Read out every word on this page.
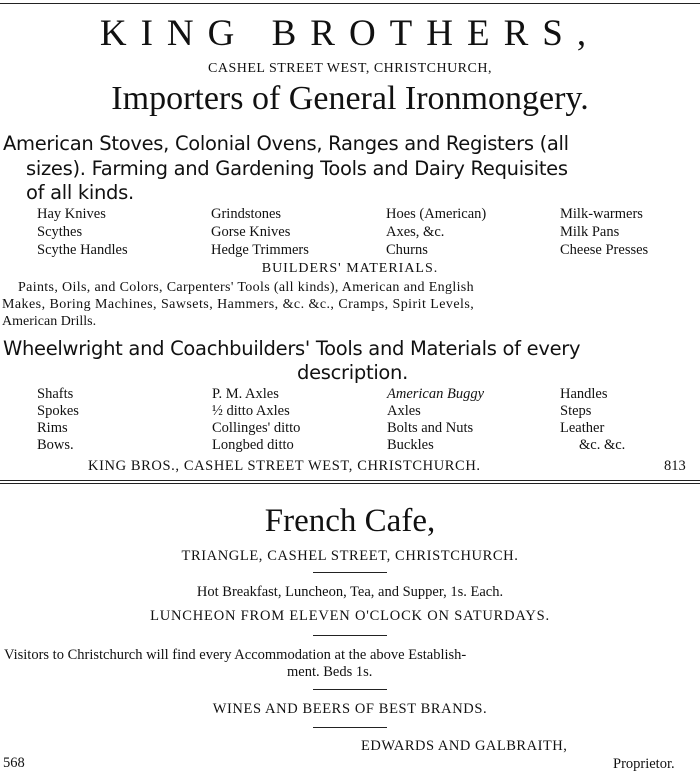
KING BROTHERS,
CASHEL STREET WEST, CHRISTCHURCH,
Importers of General Ironmongery.
American Stoves, Colonial Ovens, Ranges and Registers (all
sizes). Farming and Gardening Tools and Dairy Requisites
of all kinds.
Hay Knives	Grindstones	Hoes (American)	Milk-warmers
Scythes	Gorse Knives	Axes, &c.	Milk Pans
Scythe Handles	Hedge Trimmers	Churns	Cheese Presses
BUILDERS' MATERIALS.
Paints, Oils, and Colors, Carpenters' Tools (all kinds), American and English
Makes, Boring Machines, Sawsets, Hammers, &c. &c., Cramps, Spirit Levels,
American Drills.
Wheelwright and Coachbuilders' Tools and Materials of every
description.
Shafts	P. M. Axles	American Buggy	Handles
Spokes	½ ditto Axles	Axles	Steps
Rims	Collinges' ditto	Bolts and Nuts	Leather
Bows.	Longbed ditto	Buckles	&c. &c.
KING BROS., CASHEL STREET WEST, CHRISTCHURCH.	813
French Cafe,
TRIANGLE, CASHEL STREET, CHRISTCHURCH.
Hot Breakfast, Luncheon, Tea, and Supper, 1s. Each.
LUNCHEON FROM ELEVEN O'CLOCK ON SATURDAYS.
Visitors to Christchurch will find every Accommodation at the above Establish-
ment. Beds 1s.
WINES AND BEERS OF BEST BRANDS.
EDWARDS AND GALBRAITH,
568	Proprietor.
